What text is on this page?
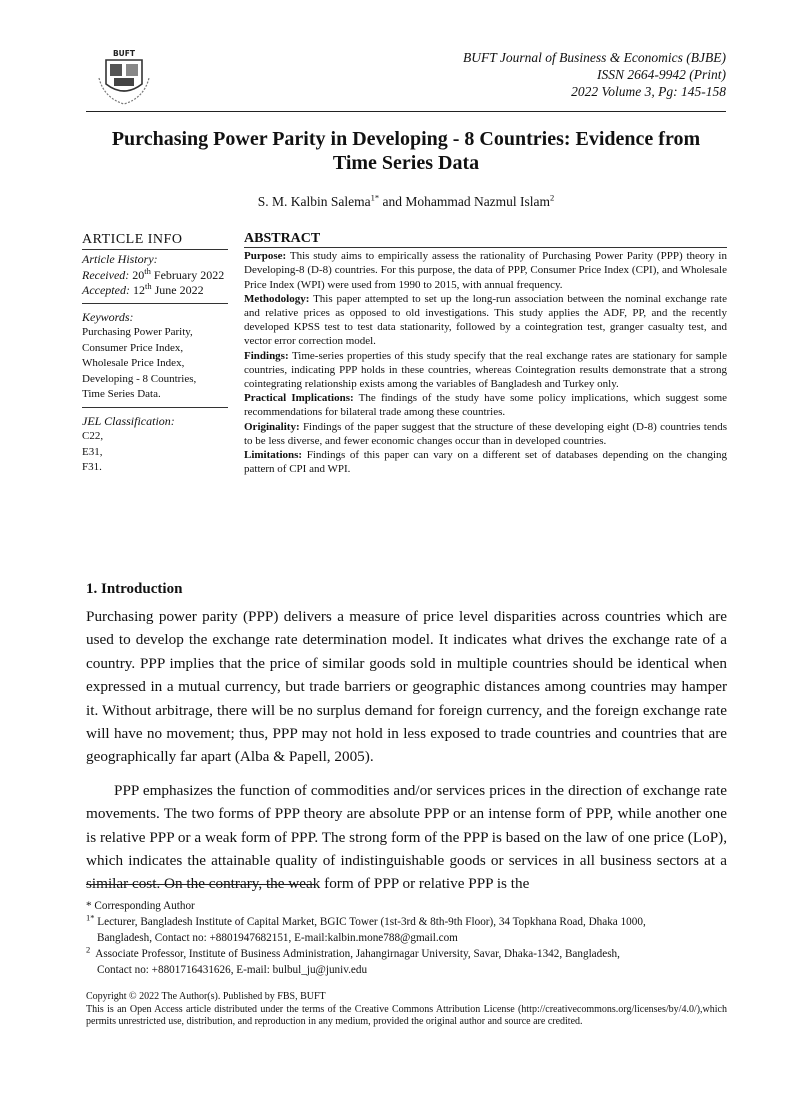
BUFT	BUFT Journal of Business & Economics (BJBE)
ISSN 2664-9942 (Print)
2022 Volume 3, Pg: 145-158
Purchasing Power Parity in Developing - 8 Countries: Evidence from
Time Series Data
S. M. Kalbin Salema$^{1*}$ and Mohammad Nazmul Islam$^2$
ARTICLE INFO
Article History:
Received: 20th February 2022
Accepted: 12th June 2022
Keywords:
Purchasing Power Parity,
Consumer Price Index,
Wholesale Price Index,
Developing - 8 Countries,
Time Series Data.
JEL Classification:
C22,
E31,
F31.
ABSTRACT

Purpose: This study aims to empirically assess the rationality of Purchasing Power Parity (PPP) theory in Developing-8 (D-8) countries. For this purpose, the data of PPP, Consumer Price Index (CPI), and Wholesale Price Index (WPI) were used from 1990 to 2015, with annual frequency.

Methodology: This paper attempted to set up the long-run association between the nominal exchange rate and relative prices as opposed to old investigations. This study applies the ADF, PP, and the recently developed KPSS test to test data stationarity, followed by a cointegration test, granger casualty test, and vector error correction model.

Findings: Time-series properties of this study specify that the real exchange rates are stationary for sample countries, indicating PPP holds in these countries, whereas Cointegration results demonstrate that a strong cointegrating relationship exists among the variables of Bangladesh and Turkey only.

Practical Implications: The findings of the study have some policy implications, which suggest some recommendations for bilateral trade among these countries.

Originality: Findings of the paper suggest that the structure of these developing eight (D-8) countries tends to be less diverse, and fewer economic changes occur than in developed countries.

Limitations: Findings of this paper can vary on a different set of databases depending on the changing pattern of CPI and WPI.

1. Introduction

Purchasing power parity (PPP) delivers a measure of price level disparities across countries which are used to develop the exchange rate determination model. It indicates what drives the exchange rate of a country. PPP implies that the price of similar goods sold in multiple countries should be identical when expressed in a mutual currency, but trade barriers or geographic distances among countries may hamper it. Without arbitrage, there will be no surplus demand for foreign currency, and the foreign exchange rate will have no movement; thus, PPP may not hold in less exposed to trade countries and countries that are geographically far apart (Alba & Papell, 2005).

PPP emphasizes the function of commodities and/or services prices in the direction of exchange rate movements. The two forms of PPP theory are absolute PPP or an intense form of PPP, while another one is relative PPP or a weak form of PPP. The strong form of the PPP is based on the law of one price (LoP), which indicates the attainable quality of indistinguishable goods or services in all business sectors at a similar cost. On the contrary, the weak form of PPP or relative PPP is the

* Corresponding Author

$^{1*}$ Lecturer, Bangladesh Institute of Capital Market, BGIC Tower (1st-3rd & 8th-9th Floor), 34 Topkhana Road, Dhaka 1000,
Bangladesh, Contact no: +8801947682151, E-mail:kalbin.mone788@gmail.com

$^2$ Associate Professor, Institute of Business Administration, Jahangirnagar University, Savar, Dhaka-1342, Bangladesh,
Contact no: +8801716431626, E-mail: bulbul_ju@juniv.edu

Copyright © 2022 The Author(s). Published by FBS, BUFT

This is an Open Access article distributed under the terms of the Creative Commons Attribution License (http://creativecommons.org/licenses/by/4.0/),which permits unrestricted use, distribution, and reproduction in any medium, provided the original author and source are credited.
